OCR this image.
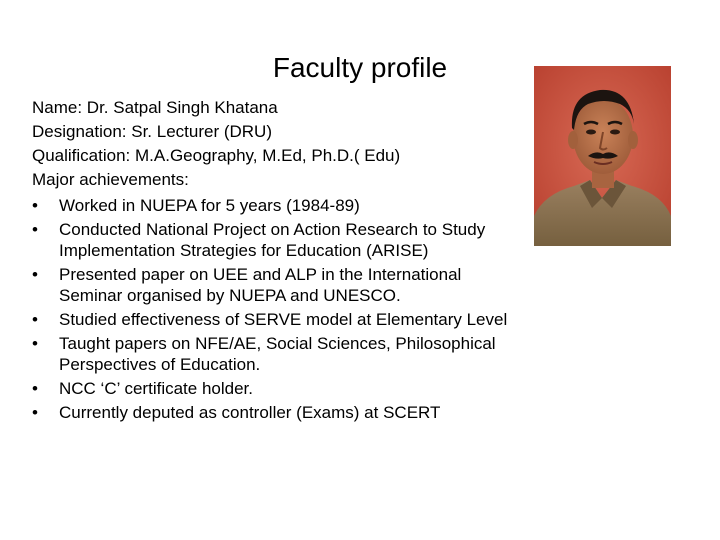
Faculty profile
Name: Dr. Satpal Singh Khatana
Designation: Sr. Lecturer (DRU)
Qualification: M.A.Geography, M.Ed, Ph.D.( Edu)
Major achievements:
•	Worked in NUEPA for 5 years (1984-89)
•	Conducted National Project on Action Research to Study Implementation Strategies for Education (ARISE)
•	Presented paper on UEE and ALP in the International Seminar organised by NUEPA and UNESCO.
•	Studied effectiveness of SERVE model at Elementary Level
•	Taught papers on NFE/AE, Social Sciences, Philosophical Perspectives of Education.
•	NCC ‘C’ certificate holder.
•	Currently deputed as controller (Exams) at SCERT
